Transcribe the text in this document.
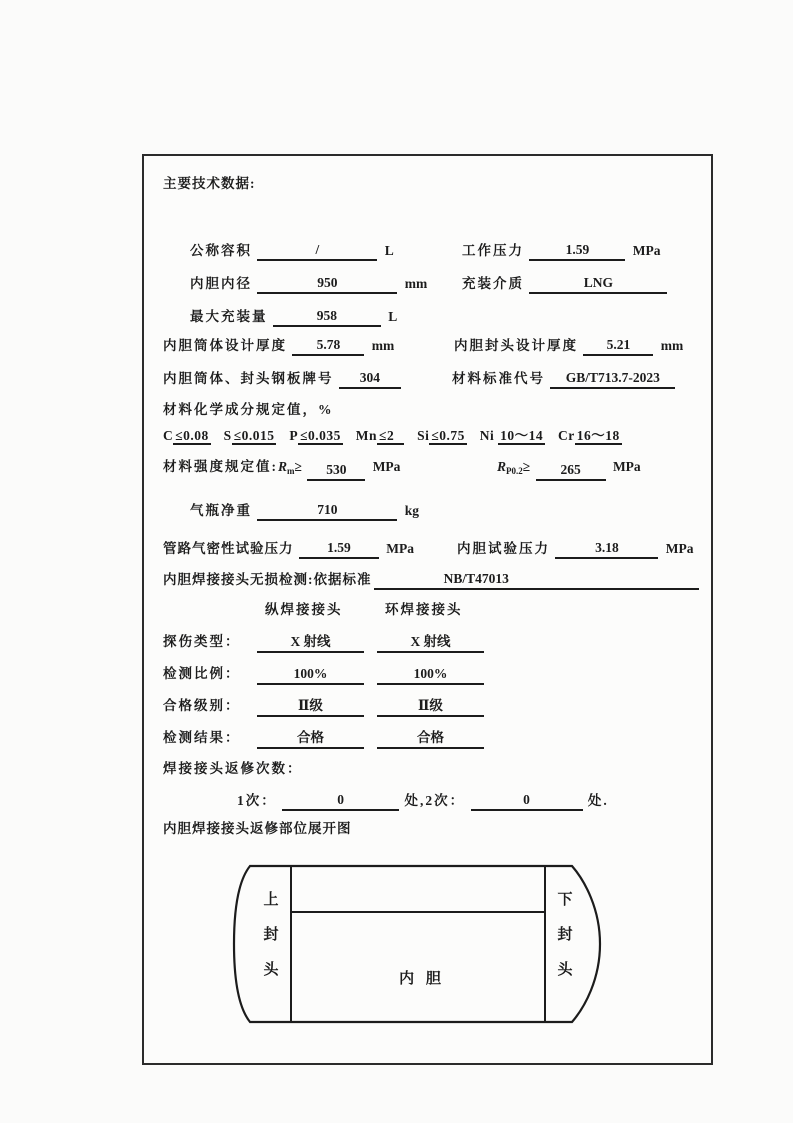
主要技术数据:
公称容积	/	L	工作压力	1.59	MPa
内胆内径	950	mm	充装介质	LNG
最大充装量	958	L
内胆筒体设计厚度 5.78 mm	内胆封头设计厚度 5.21 mm
内胆筒体、封头钢板牌号 304	材料标准代号 GB/T713.7-2023
材料化学成分规定值，%
C ≤0.08 S ≤0.015 P ≤0.035 Mn ≤2 Si ≤0.75 Ni 10～14 Cr 16～18
材料强度规定值$:R_m\ge 530$ MPa	$R_{P0.2}\ge 265$ MPa
气瓶净重	710	kg
管路气密性试验压力 1.59	MPa	内胆试验压力	3.18	MPa
内胆焊接接头无损检测:依据标准	NB/T47013
纵焊接接头	环焊接接头
探伤类型：	X 射线	X 射线
检测比例：	100%	100%
合格级别：	Ⅱ级	Ⅱ级
检测结果：	合格	合格
焊接接头返修次数：
1次：	0	处,2次：	0	处.
内胆焊接接头返修部位展开图
上
封
头
下
封
头
内 胆
